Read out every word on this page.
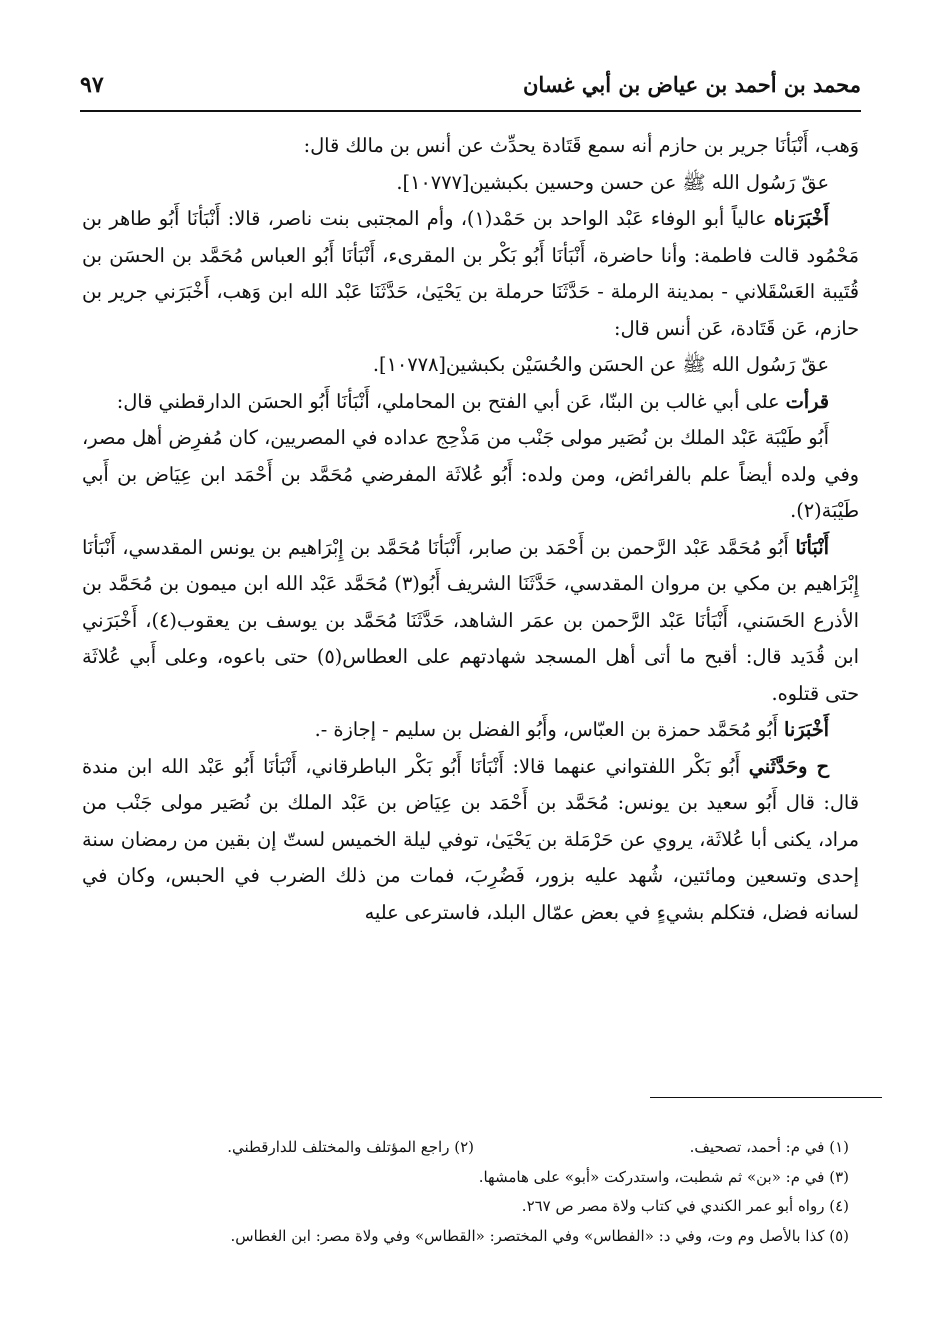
محمد بن أحمد بن عياض بن أبي غسان
٩٧

وَهب، أَنْبَأنَا جرير بن حازم أنه سمع قَتَادة يحدِّث عن أنس بن مالك قال:

عقّ رَسُول الله ﷺ عن حسن وحسين بكبشين[١٠٧٧٧].

أَخْبَرَناه عالياً أبو الوفاء عَبْد الواحد بن حَمْد(١)، وأم المجتبى بنت ناصر، قالا: أَنْبَأنَا أَبُو طاهر بن مَحْمُود قالت فاطمة: وأنا حاضرة، أَنْبَأنَا أَبُو بَكْر بن المقرىء، أَنْبَأنَا أَبُو العباس مُحَمَّد بن الحسَن بن قُتَيبة العَسْقَلاني - بمدينة الرملة - حَدَّثَنَا حرملة بن يَحْيَىٰ، حَدَّثَنَا عَبْد الله ابن وَهب، أَخْبَرَني جرير بن حازم، عَن قَتَادة، عَن أنس قال:

عقّ رَسُول الله ﷺ عن الحسَن والحُسَيْن بكبشين[١٠٧٧٨].

قرأت على أبي غالب بن البنّا، عَن أبي الفتح بن المحاملي، أَنْبَأنَا أَبُو الحسَن الدارقطني قال:

أَبُو طَيْبَة عَبْد الملك بن نُصَير مولى جَنْب من مَذْحِج عداده في المصريين، كان مُفرِض أهل مصر، وفي ولده أيضاً علم بالفرائض، ومن ولده: أَبُو عُلاثَة المفرضي مُحَمَّد بن أَحْمَد ابن عِيَاض بن أَبي طَيْبَة(٢).

أَنْبَأنَا أَبُو مُحَمَّد عَبْد الرَّحمن بن أَحْمَد بن صابر، أَنْبَأنَا مُحَمَّد بن إِبْرَاهيم بن يونس المقدسي، أَنْبَأنَا إِبْرَاهيم بن مكي بن مروان المقدسي، حَدَّثَنَا الشريف أَبُو(٣) مُحَمَّد عَبْد الله ابن ميمون بن مُحَمَّد بن الأذرع الحَسَني، أَنْبَأنَا عَبْد الرَّحمن بن عمَر الشاهد، حَدَّثَنَا مُحَمَّد بن يوسف بن يعقوب(٤)، أَخْبَرَني ابن قُدَيد قال: أقبح ما أتى أهل المسجد شهادتهم على العطاس(٥) حتى باعوه، وعلى أَبي عُلاثَة حتى قتلوه.

أَخْبَرَنا أَبُو مُحَمَّد حمزة بن العبّاس، وأَبُو الفضل بن سليم - إجازة -.

ح وحَدَّثَني أَبُو بَكْر اللفتواني عنهما قالا: أَنْبَأنَا أَبُو بَكْر الباطرقاني، أَنْبَأنَا أَبُو عَبْد الله ابن مندة قال: قال أَبُو سعيد بن يونس: مُحَمَّد بن أَحْمَد بن عِيَاض بن عَبْد الملك بن نُصَير مولى جَنْب من مراد، يكنى أبا عُلاثَة، يروي عن حَرْمَلة بن يَحْيَىٰ، توفي ليلة الخميس لستّ إن بقين من رمضان سنة إحدى وتسعين ومائتين، شُهد عليه بزور، فَضُرِبَ، فمات من ذلك الضرب في الحبس، وكان في لسانه فضل، فتكلم بشيءٍ في بعض عمّال البلد، فاسترعى عليه

(١) في م: أحمد، تصحيف.
(٢) راجع المؤتلف والمختلف للدارقطني.
(٣) في م: «بن» ثم شطبت، واستدركت «أبو» على هامشها.
(٤) رواه أبو عمر الكندي في كتاب ولاة مصر ص ٢٦٧.
(٥) كذا بالأصل وم وت، وفي د: «الفطاس» وفي المختصر: «القطاس» وفي ولاة مصر: ابن الغطاس.
